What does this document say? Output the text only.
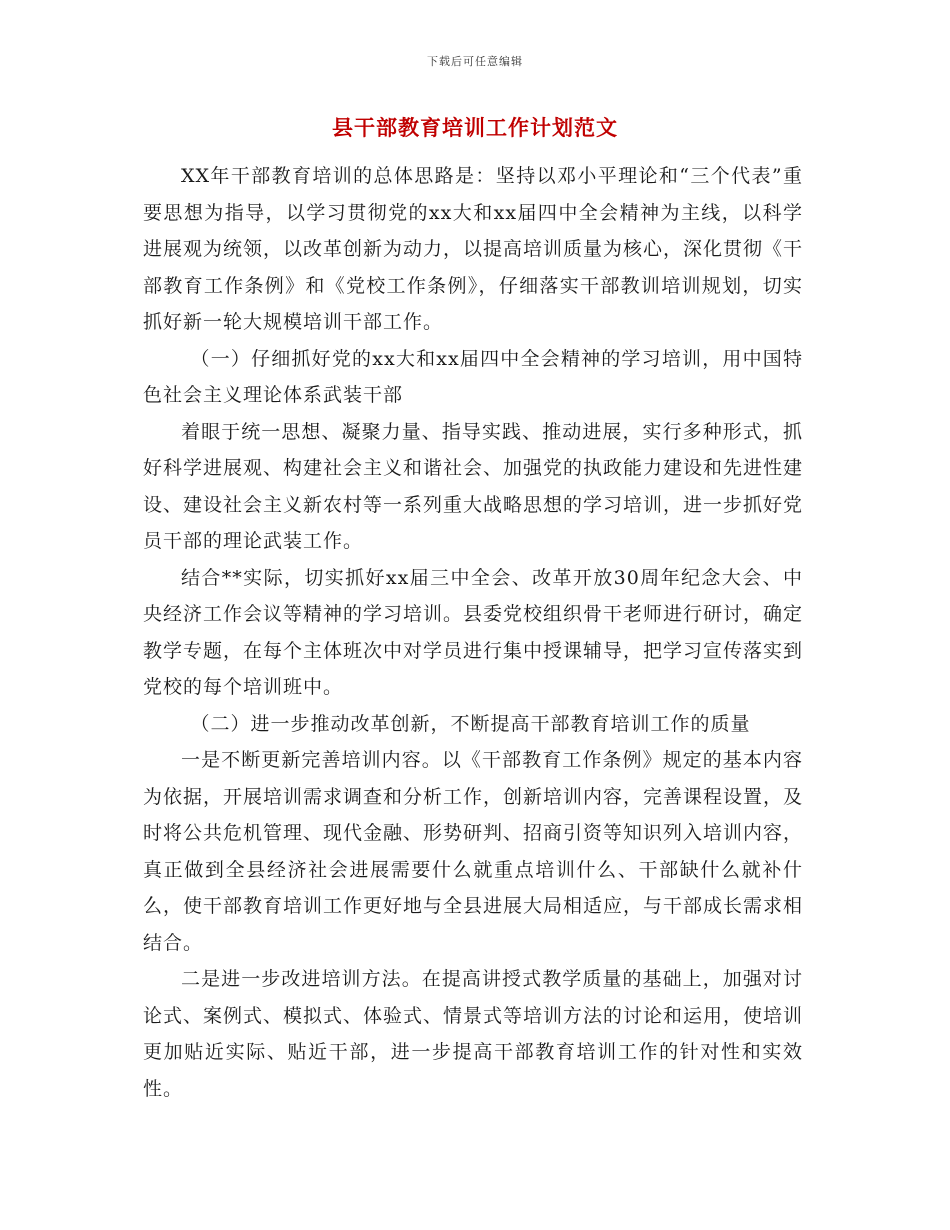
下载后可任意编辑
县干部教育培训工作计划范文

XX年干部教育培训的总体思路是：坚持以邓小平理论和“三个代表”重要思想为指导，以学习贯彻党的xx大和xx届四中全会精神为主线，以科学进展观为统领，以改革创新为动力，以提高培训质量为核心，深化贯彻《干部教育工作条例》和《党校工作条例》，仔细落实干部教训培训规划，切实抓好新一轮大规模培训干部工作。

（一）仔细抓好党的xx大和xx届四中全会精神的学习培训，用中国特色社会主义理论体系武装干部

着眼于统一思想、凝聚力量、指导实践、推动进展，实行多种形式，抓好科学进展观、构建社会主义和谐社会、加强党的执政能力建设和先进性建设、建设社会主义新农村等一系列重大战略思想的学习培训，进一步抓好党员干部的理论武装工作。

结合**实际，切实抓好xx届三中全会、改革开放30周年纪念大会、中央经济工作会议等精神的学习培训。县委党校组织骨干老师进行研讨，确定教学专题，在每个主体班次中对学员进行集中授课辅导，把学习宣传落实到党校的每个培训班中。

（二）进一步推动改革创新，不断提高干部教育培训工作的质量

一是不断更新完善培训内容。以《干部教育工作条例》规定的基本内容为依据，开展培训需求调查和分析工作，创新培训内容，完善课程设置，及时将公共危机管理、现代金融、形势研判、招商引资等知识列入培训内容，真正做到全县经济社会进展需要什么就重点培训什么、干部缺什么就补什么，使干部教育培训工作更好地与全县进展大局相适应，与干部成长需求相结合。

二是进一步改进培训方法。在提高讲授式教学质量的基础上，加强对讨论式、案例式、模拟式、体验式、情景式等培训方法的讨论和运用，使培训更加贴近实际、贴近干部，进一步提高干部教育培训工作的针对性和实效性。
